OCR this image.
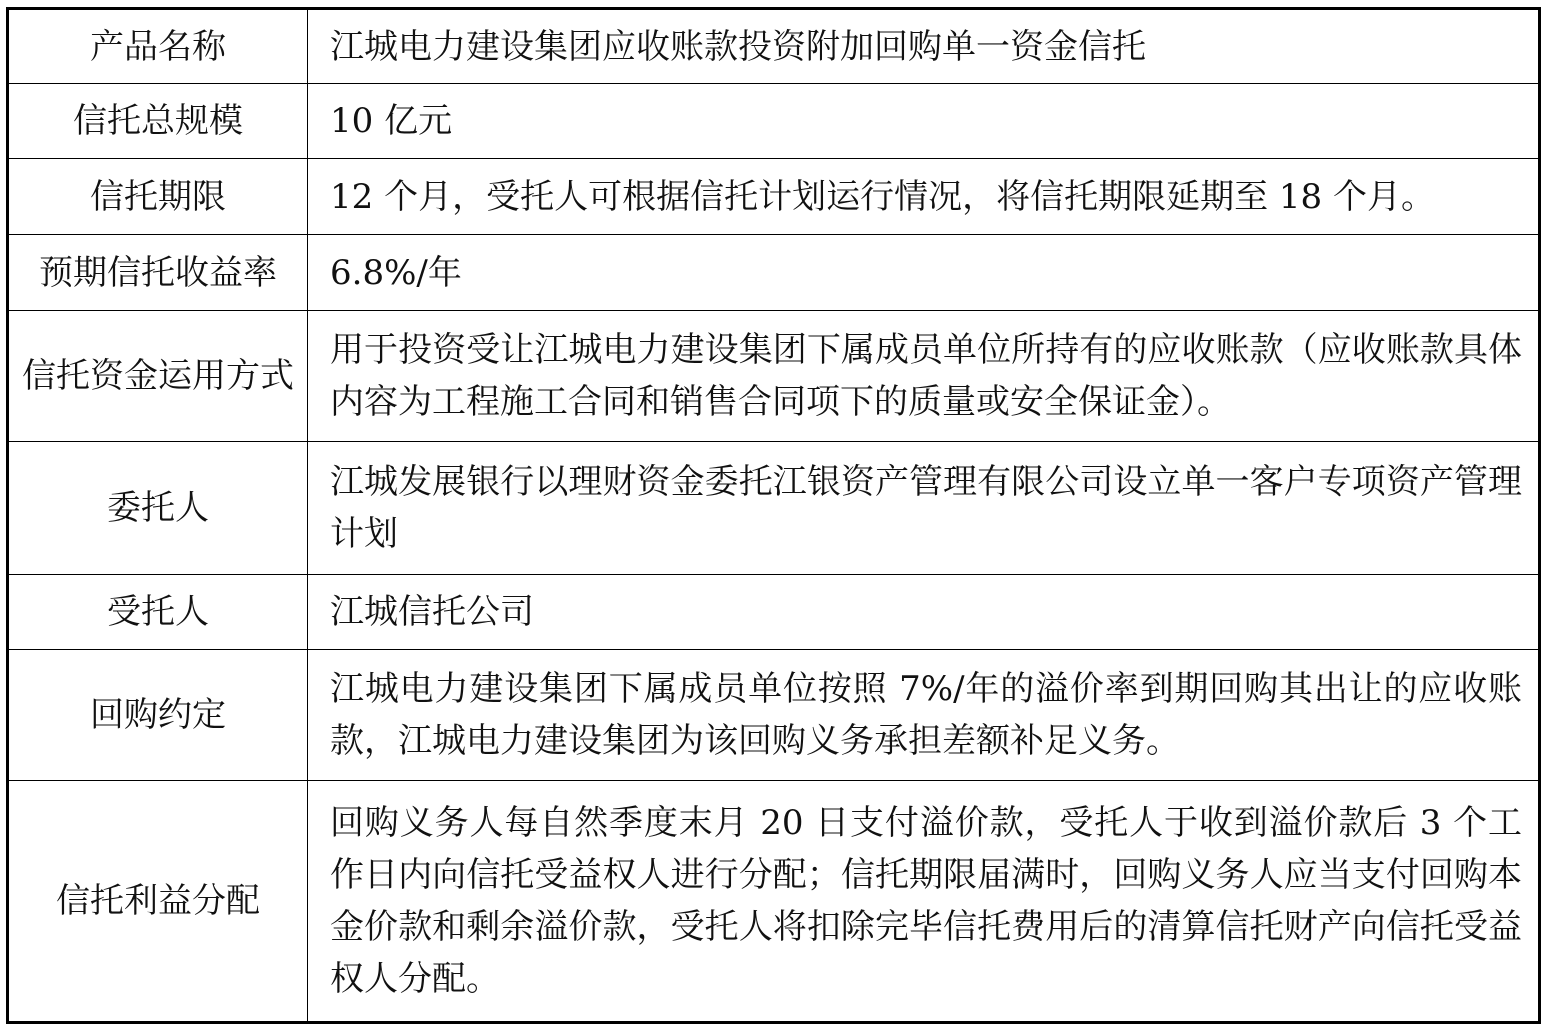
产品名称	江城电力建设集团应收账款投资附加回购单一资金信托
信托总规模	10 亿元
信托期限	12 个月，受托人可根据信托计划运行情况，将信托期限延期至 18 个月。
预期信托收益率	6.8%/年
信托资金运用方式	用于投资受让江城电力建设集团下属成员单位所持有的应收账款（应收账款具体内容为工程施工合同和销售合同项下的质量或安全保证金）。
委托人	江城发展银行以理财资金委托江银资产管理有限公司设立单一客户专项资产管理计划
受托人	江城信托公司
回购约定	江城电力建设集团下属成员单位按照 7%/年的溢价率到期回购其出让的应收账款，江城电力建设集团为该回购义务承担差额补足义务。
信托利益分配	回购义务人每自然季度末月 20 日支付溢价款，受托人于收到溢价款后 3 个工作日内向信托受益权人进行分配；信托期限届满时，回购义务人应当支付回购本金价款和剩余溢价款，受托人将扣除完毕信托费用后的清算信托财产向信托受益权人分配。
